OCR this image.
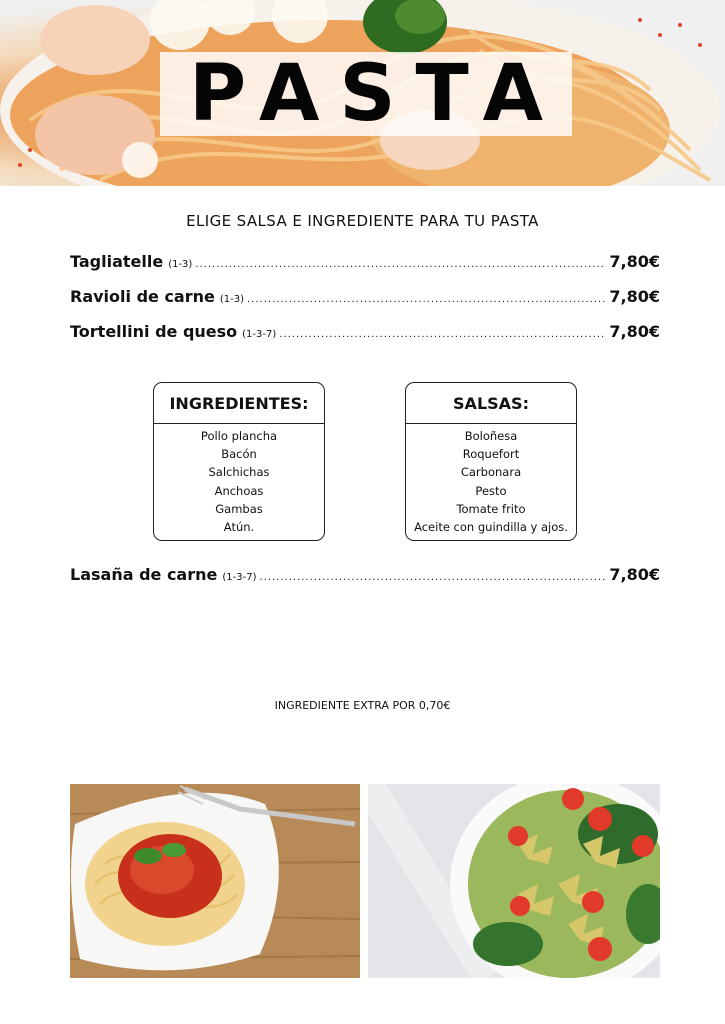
PASTA
ELIGE SALSA E INGREDIENTE PARA TU PASTA
Tagliatelle (1-3) .....	7,80€
Ravioli de carne (1-3) .....	7,80€
Tortellini de queso (1-3-7) .....	7,80€
INGREDIENTES:
Pollo plancha
Bacón
Salchichas
Anchoas
Gambas
Atún.
SALSAS:
Boloñesa
Roquefort
Carbonara
Pesto
Tomate frito
Aceite con guindilla y ajos.
Lasaña de carne (1-3-7) .....	7,80€
INGREDIENTE EXTRA POR 0,70€
